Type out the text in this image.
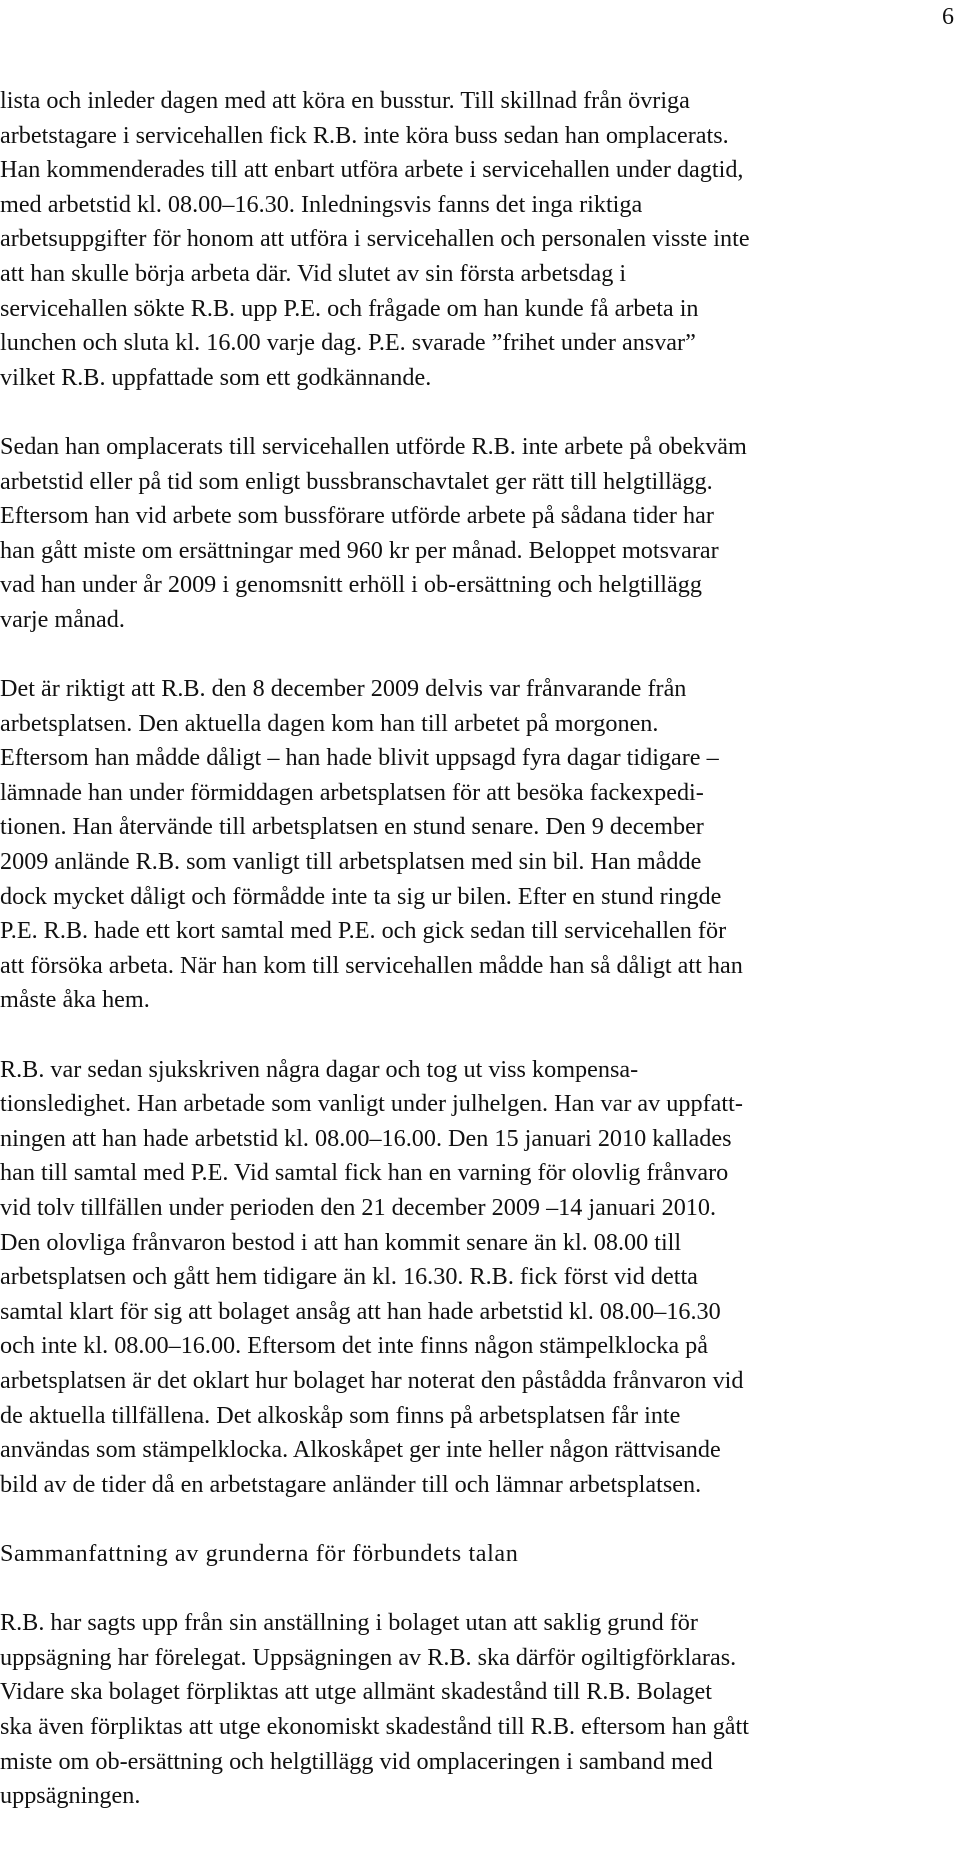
6
lista och inleder dagen med att köra en busstur. Till skillnad från övriga
arbetstagare i servicehallen fick R.B. inte köra buss sedan han omplacerats.
Han kommenderades till att enbart utföra arbete i servicehallen under dagtid,
med arbetstid kl. 08.00–16.30. Inledningsvis fanns det inga riktiga
arbetsuppgifter för honom att utföra i servicehallen och personalen visste inte
att han skulle börja arbeta där. Vid slutet av sin första arbetsdag i
servicehallen sökte R.B. upp P.E. och frågade om han kunde få arbeta in
lunchen och sluta kl. 16.00 varje dag. P.E. svarade ”frihet under ansvar”
vilket R.B. uppfattade som ett godkännande.
Sedan han omplacerats till servicehallen utförde R.B. inte arbete på obekväm
arbetstid eller på tid som enligt bussbranschavtalet ger rätt till helgtillägg.
Eftersom han vid arbete som bussförare utförde arbete på sådana tider har
han gått miste om ersättningar med 960 kr per månad. Beloppet motsvarar
vad han under år 2009 i genomsnitt erhöll i ob-ersättning och helgtillägg
varje månad.
Det är riktigt att R.B. den 8 december 2009 delvis var frånvarande från
arbetsplatsen. Den aktuella dagen kom han till arbetet på morgonen.
Eftersom han mådde dåligt – han hade blivit uppsagd fyra dagar tidigare –
lämnade han under förmiddagen arbetsplatsen för att besöka fackexpedi-
tionen. Han återvände till arbetsplatsen en stund senare. Den 9 december
2009 anlände R.B. som vanligt till arbetsplatsen med sin bil. Han mådde
dock mycket dåligt och förmådde inte ta sig ur bilen. Efter en stund ringde
P.E. R.B. hade ett kort samtal med P.E. och gick sedan till servicehallen för
att försöka arbeta. När han kom till servicehallen mådde han så dåligt att han
måste åka hem.
R.B. var sedan sjukskriven några dagar och tog ut viss kompensa-
tionsledighet. Han arbetade som vanligt under julhelgen. Han var av uppfatt-
ningen att han hade arbetstid kl. 08.00–16.00. Den 15 januari 2010 kallades
han till samtal med P.E. Vid samtal fick han en varning för olovlig frånvaro
vid tolv tillfällen under perioden den 21 december 2009 –14 januari 2010.
Den olovliga frånvaron bestod i att han kommit senare än kl. 08.00 till
arbetsplatsen och gått hem tidigare än kl. 16.30. R.B. fick först vid detta
samtal klart för sig att bolaget ansåg att han hade arbetstid kl. 08.00–16.30
och inte kl. 08.00–16.00. Eftersom det inte finns någon stämpelklocka på
arbetsplatsen är det oklart hur bolaget har noterat den påstådda frånvaron vid
de aktuella tillfällena. Det alkoskåp som finns på arbetsplatsen får inte
användas som stämpelklocka. Alkoskåpet ger inte heller någon rättvisande
bild av de tider då en arbetstagare anländer till och lämnar arbetsplatsen.
Sammanfattning av grunderna för förbundets talan
R.B. har sagts upp från sin anställning i bolaget utan att saklig grund för
uppsägning har förelegat. Uppsägningen av R.B. ska därför ogiltigförklaras.
Vidare ska bolaget förpliktas att utge allmänt skadestånd till R.B. Bolaget
ska även förpliktas att utge ekonomiskt skadestånd till R.B. eftersom han gått
miste om ob-ersättning och helgtillägg vid omplaceringen i samband med
uppsägningen.
